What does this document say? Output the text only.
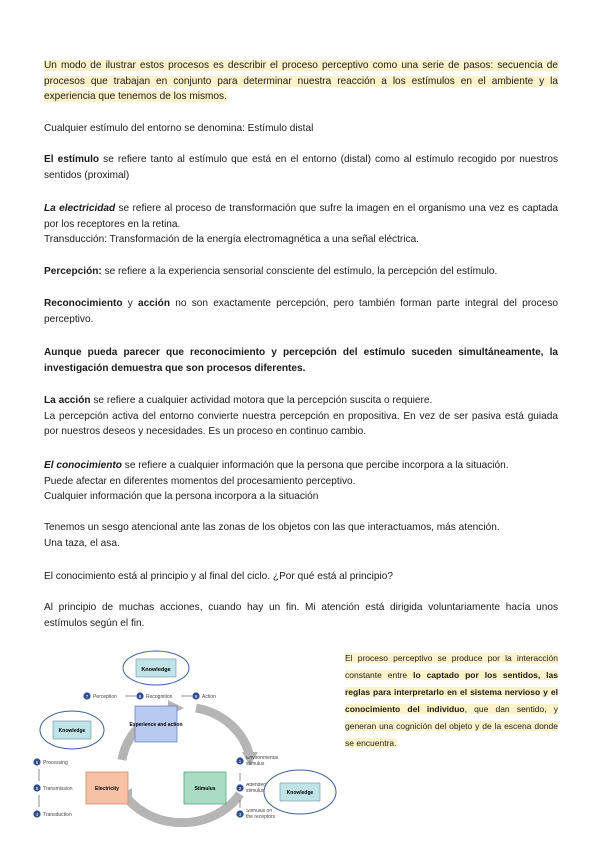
Un modo de ilustrar estos procesos es describir el proceso perceptivo como una serie de pasos: secuencia de procesos que trabajan en conjunto para determinar nuestra reacción a los estímulos en el ambiente y la experiencia que tenemos de los mismos.

Cualquier estímulo del entorno se denomina: Estímulo distal

El estímulo se refiere tanto al estímulo que está en el entorno (distal) como al estímulo recogido por nuestros sentidos (proximal)

La electricidad se refiere al proceso de transformación que sufre la imagen en el organismo una vez es captada por los receptores en la retina.
Transducción: Transformación de la energía electromagnética a una señal eléctrica.

Percepción: se refiere a la experiencia sensorial consciente del estímulo, la percepción del estímulo.

Reconocimiento y acción no son exactamente percepción, pero también forman parte integral del proceso perceptivo.

Aunque pueda parecer que reconocimiento y percepción del estímulo suceden simultáneamente, la investigación demuestra que son procesos diferentes.

La acción se refiere a cualquier actividad motora que la percepción suscita o requiere.
La percepción activa del entorno convierte nuestra percepción en propositiva. En vez de ser pasiva está guiada por nuestros deseos y necesidades. Es un proceso en continuo cambio.

El conocimiento se refiere a cualquier información que la persona que percibe incorpora a la situación.
Puede afectar en diferentes momentos del procesamiento perceptivo.
Cualquier información que la persona incorpora a la situación

Tenemos un sesgo atencional ante las zonas de los objetos con las que interactuamos, más atención.
Una taza, el asa.

El conocimiento está al principio y al final del ciclo. ¿Por qué está al principio?

Al principio de muchas acciones, cuando hay un fin. Mi atención está dirigida voluntariamente hacía unos estímulos según el fin.

Knowledge
7 Perception	8 Recognition	9 Action
Experience and action
Knowledge
Electricity
6 Processing
5 Transmission
4 Transduction
Stimulus
1
Environmental stimulus
2
Attended stimulus
3
Stimulus on the receptors
Knowledge

El proceso perceptivo se produce por la interacción constante entre lo captado por los sentidos, las reglas para interpretarlo en el sistema nervioso y el conocimiento del individuo, que dan sentido, y generan una cognición del objeto y de la escena donde se encuentra.
